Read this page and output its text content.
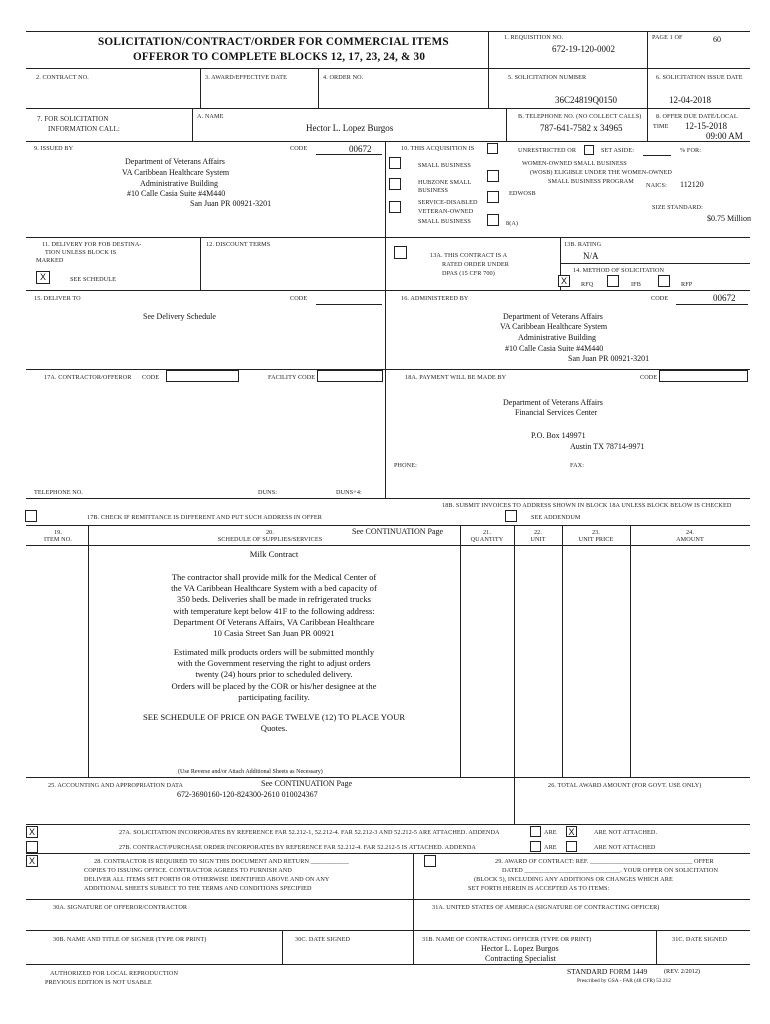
SOLICITATION/CONTRACT/ORDER FOR COMMERCIAL ITEMS
OFFEROR TO COMPLETE BLOCKS 12, 17, 23, 24, & 30
1. REQUISITION NO.
672-19-120-0002
PAGE 1 OF	60
2. CONTRACT NO.	3. AWARD/EFFECTIVE DATE	4. ORDER NO.	5. SOLICITATION NUMBER
36C24819Q0150
6. SOLICITATION ISSUE DATE
12-04-2018
7. FOR SOLICITATION
INFORMATION CALL:
A. NAME
Hector L. Lopez Burgos
B. TELEPHONE NO. (NO COLLECT CALLS)
787-641-7582 x 34965
8. OFFER DUE DATE/LOCAL
TIME 12-15-2018
09:00 AM
9. ISSUED BY	CODE	00672
Department of Veterans Affairs
VA Caribbean Healthcare System
Administrative Building
#10 Calle Casia Suite #4M440
San Juan PR 00921-3201
10. THIS ACQUISITION IS	UNRESTRICTED OR	SET ASIDE:	% FOR:
SMALL BUSINESS
HUBZONE SMALL
BUSINESS
SERVICE-DISABLED
VETERAN-OWNED
SMALL BUSINESS
WOMEN-OWNED SMALL BUSINESS
(WOSB) ELIGIBLE UNDER THE WOMEN-OWNED
SMALL BUSINESS PROGRAM
EDWOSB
8(A)
NAICS: 112120
SIZE STANDARD:
$0.75 Million
11. DELIVERY FOR FOB DESTINA-
TION UNLESS BLOCK IS
MARKED
X	SEE SCHEDULE
12. DISCOUNT TERMS
13A. THIS CONTRACT IS A
RATED ORDER UNDER
DPAS (15 CFR 700)
13B. RATING
N/A
14. METHOD OF SOLICITATION
X	RFQ	IFB	RFP
15. DELIVER TO	CODE
See Delivery Schedule
16. ADMINISTERED BY	CODE	00672
Department of Veterans Affairs
VA Caribbean Healthcare System
Administrative Building
#10 Calle Casia Suite #4M440
San Juan PR 00921-3201
17A. CONTRACTOR/OFFEROR CODE	FACILITY CODE	18A. PAYMENT WILL BE MADE BY	CODE
Department of Veterans Affairs
Financial Services Center
P.O. Box 149971
Austin TX 78714-9971
PHONE:	FAX:
TELEPHONE NO.	DUNS:	DUNS+4:
17B. CHECK IF REMITTANCE IS DIFFERENT AND PUT SUCH ADDRESS IN OFFER
18B. SUBMIT INVOICES TO ADDRESS SHOWN IN BLOCK 18A UNLESS BLOCK BELOW IS CHECKED
SEE ADDENDUM
19.
ITEM NO.
20.
SCHEDULE OF SUPPLIES/SERVICES
See CONTINUATION Page	21.
QUANTITY
22.
UNIT
23.
UNIT PRICE
24.
AMOUNT
Milk Contract
The contractor shall provide milk for the Medical Center of
the VA Caribbean Healthcare System with a bed capacity of
350 beds. Deliveries shall be made in refrigerated trucks
with temperature kept below 41F to the following address:
Department Of Veterans Affairs, VA Caribbean Healthcare
10 Casia Street San Juan PR 00921
Estimated milk products orders will be submitted monthly
with the Government reserving the right to adjust orders
twenty (24) hours prior to scheduled delivery.
Orders will be placed by the COR or his/her designee at the
participating facility.
SEE SCHEDULE OF PRICE ON PAGE TWELVE (12) TO PLACE YOUR
Quotes.
(Use Reverse and/or Attach Additional Sheets as Necessary)
25. ACCOUNTING AND APPROPRIATION DATA	See CONTINUATION Page
672-3690160-120-824300-2610 010024367
26. TOTAL AWARD AMOUNT (FOR GOVT. USE ONLY)
X	27A. SOLICITATION INCORPORATES BY REFERENCE FAR 52.212-1, 52.212-4. FAR 52.212-3 AND 52.212-5 ARE ATTACHED. ADDENDA	ARE X	ARE NOT ATTACHED.
27B. CONTRACT/PURCHASE ORDER INCORPORATES BY REFERENCE FAR 52.212-4. FAR 52.212-5 IS ATTACHED. ADDENDA	ARE	ARE NOT ATTACHED
X	28. CONTRACTOR IS REQUIRED TO SIGN THIS DOCUMENT AND RETURN ____________
COPIES TO ISSUING OFFICE. CONTRACTOR AGREES TO FURNISH AND
DELIVER ALL ITEMS SET FORTH OR OTHERWISE IDENTIFIED ABOVE AND ON ANY
ADDITIONAL SHEETS SUBJECT TO THE TERMS AND CONDITIONS SPECIFIED
29. AWARD OF CONTRACT: REF. ________________________________ OFFER
DATED ______________________________. YOUR OFFER ON SOLICITATION
(BLOCK 5), INCLUDING ANY ADDITIONS OR CHANGES WHICH ARE
SET FORTH HEREIN IS ACCEPTED AS TO ITEMS:
30A. SIGNATURE OF OFFEROR/CONTRACTOR	31A. UNITED STATES OF AMERICA (SIGNATURE OF CONTRACTING OFFICER)
30B. NAME AND TITLE OF SIGNER (TYPE OR PRINT)	30C. DATE SIGNED	31B. NAME OF CONTRACTING OFFICER (TYPE OR PRINT)
Hector L. Lopez Burgos
Contracting Specialist
31C. DATE SIGNED
AUTHORIZED FOR LOCAL REPRODUCTION
PREVIOUS EDITION IS NOT USABLE
STANDARD FORM 1449	(REV. 2/2012)
Prescribed by GSA - FAR (48 CFR) 53.212
